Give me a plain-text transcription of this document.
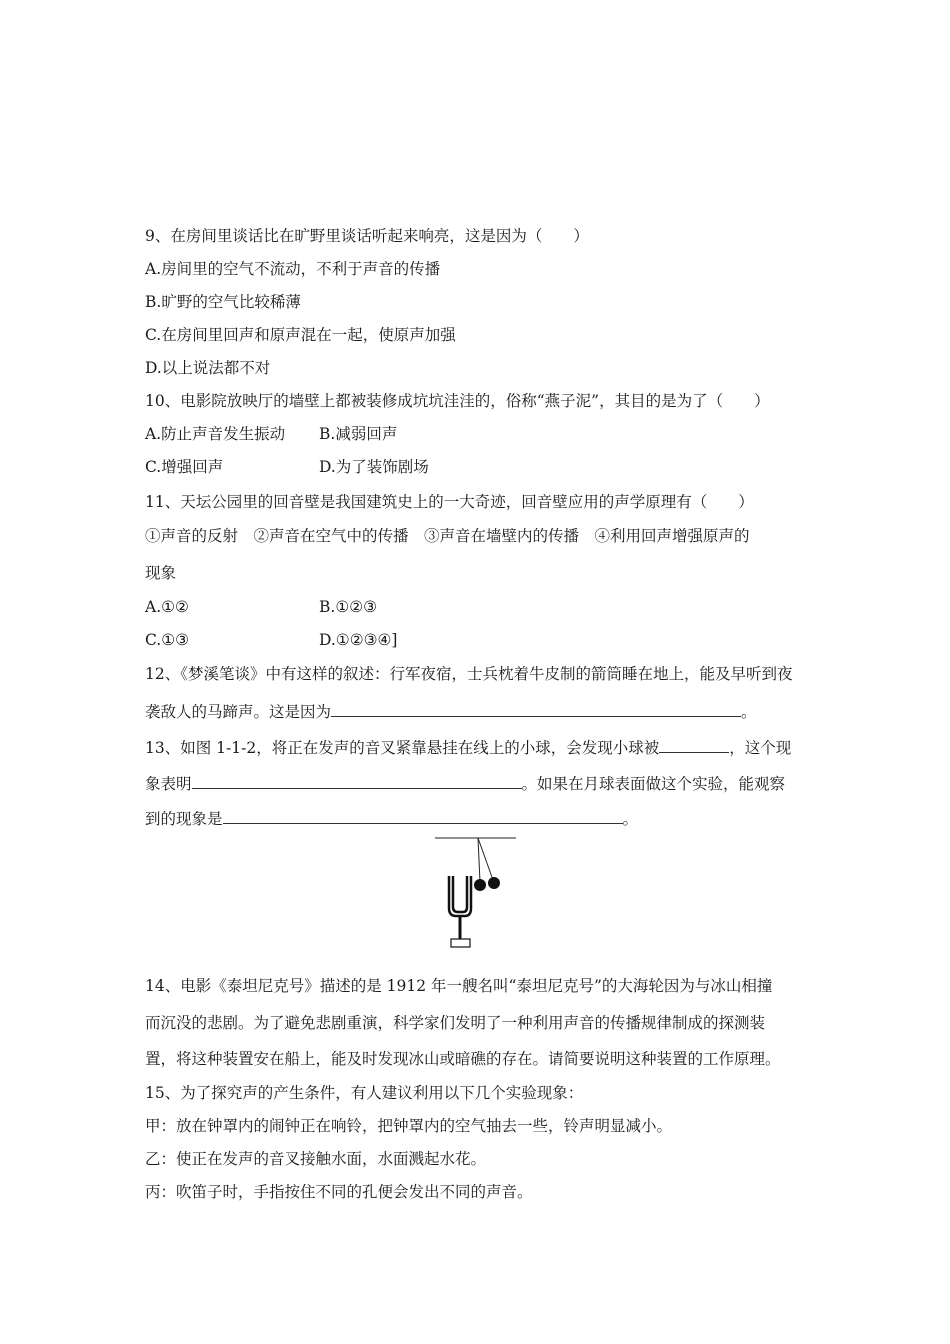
9、在房间里谈话比在旷野里谈话听起来响亮，这是因为（　　）
A.房间里的空气不流动，不利于声音的传播
B.旷野的空气比较稀薄
C.在房间里回声和原声混在一起，使原声加强
D.以上说法都不对
10、电影院放映厅的墙壁上都被装修成坑坑洼洼的，俗称“燕子泥”，其目的是为了（　　）
A.防止声音发生振动 B.减弱回声
C.增强回声	D.为了装饰剧场
11、天坛公园里的回音壁是我国建筑史上的一大奇迹，回音壁应用的声学原理有（　　）
①声音的反射　②声音在空气中的传播　③声音在墙壁内的传播　④利用回声增强原声的
现象
A.①②	B.①②③
C.①③	D.①②③④]
12、《梦溪笔谈》中有这样的叙述：行军夜宿，士兵枕着牛皮制的箭筒睡在地上，能及早听到夜
袭敌人的马蹄声。这是因为	。
13、如图 1-1-2，将正在发声的音叉紧靠悬挂在线上的小球，会发现小球被	，这个现
象表明	。如果在月球表面做这个实验，能观察
到的现象是	。
14、电影《泰坦尼克号》描述的是 1912 年一艘名叫“泰坦尼克号”的大海轮因为与冰山相撞
而沉没的悲剧。为了避免悲剧重演，科学家们发明了一种利用声音的传播规律制成的探测装
置，将这种装置安在船上，能及时发现冰山或暗礁的存在。请简要说明这种装置的工作原理。
15、为了探究声的产生条件，有人建议利用以下几个实验现象：
甲：放在钟罩内的闹钟正在响铃，把钟罩内的空气抽去一些，铃声明显减小。
乙：使正在发声的音叉接触水面，水面溅起水花。
丙：吹笛子时，手指按住不同的孔便会发出不同的声音。
